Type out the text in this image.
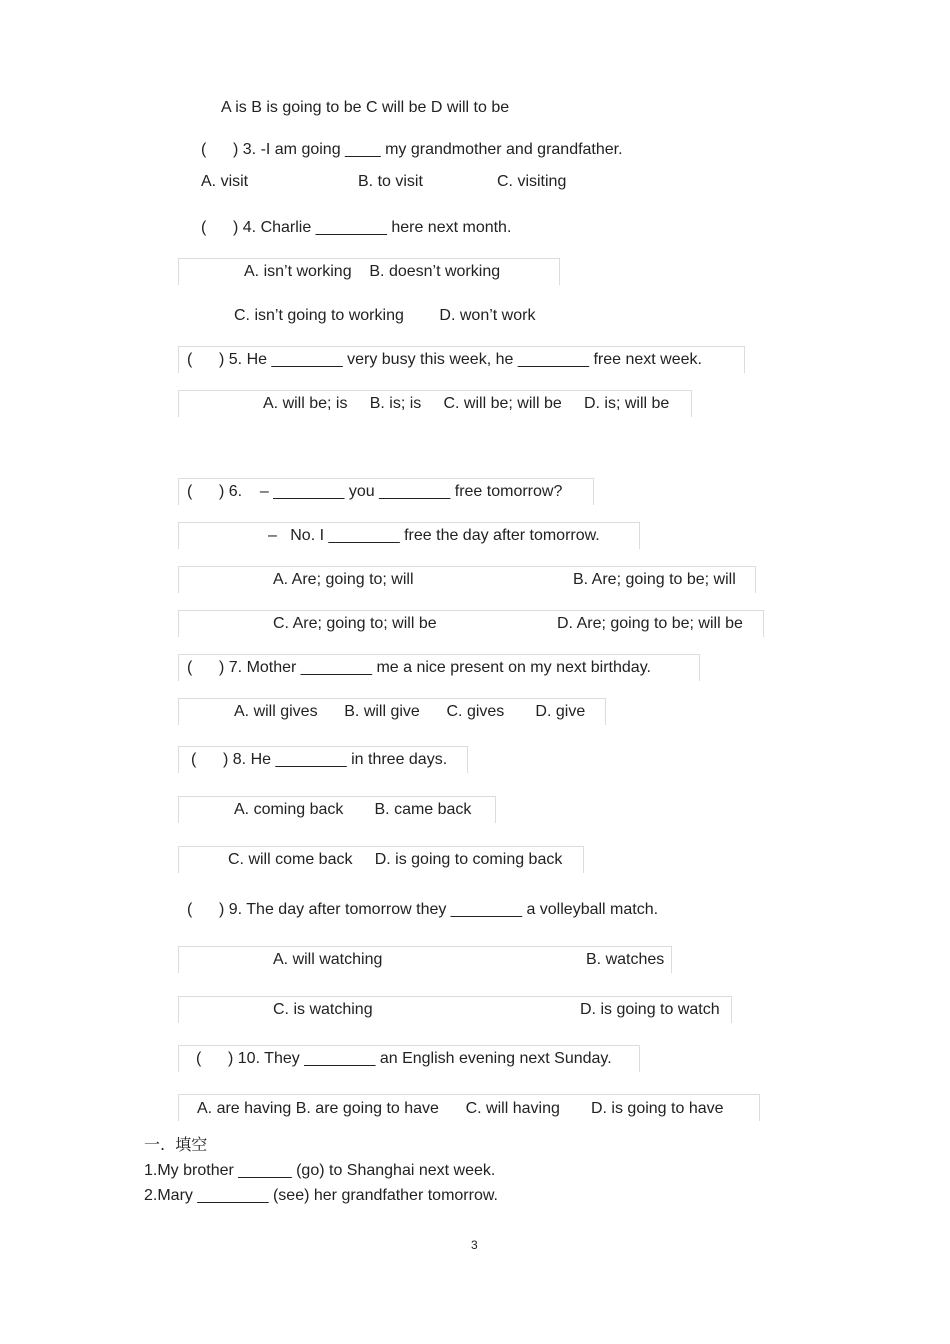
A is B is going to be C will be D will to be
(      ) 3. -I am going ____ my grandmother and grandfather.
A. visit	B. to visit	C. visiting
(      ) 4. Charlie ________ here next month.
A. isn’t working    B. doesn’t working
C. isn’t going to working        D. won’t work
(      ) 5. He ________ very busy this week, he ________ free next week.
A. will be; is     B. is; is     C. will be; will be     D. is; will be
(      ) 6.    – ________ you ________ free tomorrow?
–   No. I ________ free the day after tomorrow.
A. Are; going to; will	B. Are; going to be; will
C. Are; going to; will be	D. Are; going to be; will be
(      ) 7. Mother ________ me a nice present on my next birthday.
A. will gives      B. will give      C. gives       D. give
(      ) 8. He ________ in three days.
A. coming back       B. came back
C. will come back     D. is going to coming back
(      ) 9. The day after tomorrow they ________ a volleyball match.
A. will watching	B. watches
C. is watching	D. is going to watch
(      ) 10. They ________ an English evening next Sunday.
A. are having B. are going to have      C. will having       D. is going to have
一.  填空
1.My brother ______ (go) to Shanghai next week.
2.Mary ________ (see) her grandfather tomorrow.
3
